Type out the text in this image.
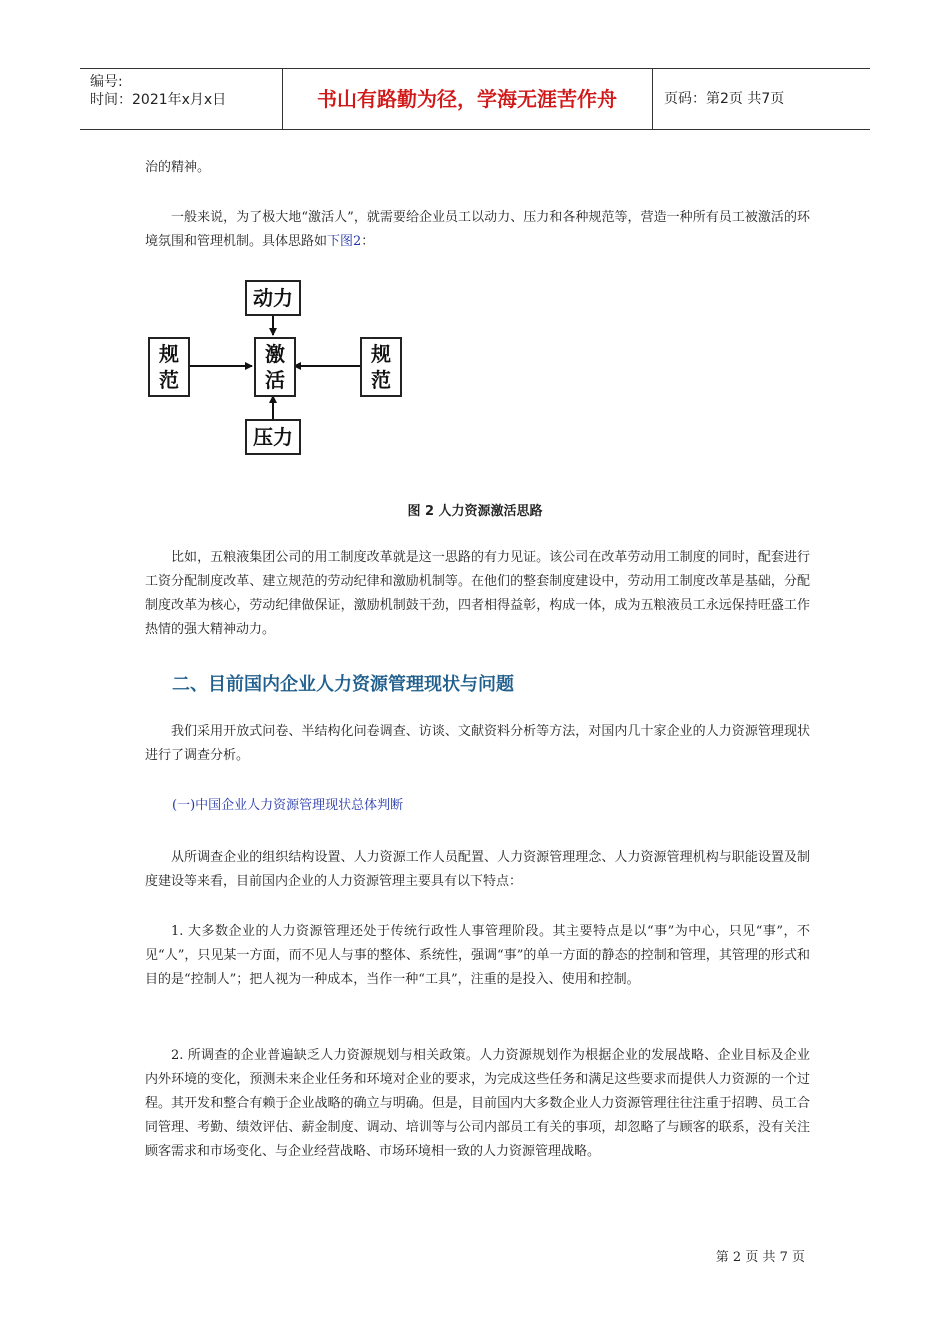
编号:
时间：2021年x月x日	书山有路勤为径，学海无涯苦作舟	页码：第2页 共7页
治的精神。
一般来说，为了极大地“激活人”，就需要给企业员工以动力、压力和各种规范等，营造一种所有员工被激活的环境氛围和管理机制。具体思路如下图2：
动力
激
活
规
范
规
范
压力
图 2 人力资源激活思路
比如，五粮液集团公司的用工制度改革就是这一思路的有力见证。该公司在改革劳动用工制度的同时，配套进行工资分配制度改革、建立规范的劳动纪律和激励机制等。在他们的整套制度建设中，劳动用工制度改革是基础，分配制度改革为核心，劳动纪律做保证，激励机制鼓干劲，四者相得益彰，构成一体，成为五粮液员工永远保持旺盛工作热情的强大精神动力。
二、目前国内企业人力资源管理现状与问题
我们采用开放式问卷、半结构化问卷调查、访谈、文献资料分析等方法，对国内几十家企业的人力资源管理现状进行了调查分析。
(一)中国企业人力资源管理现状总体判断
从所调查企业的组织结构设置、人力资源工作人员配置、人力资源管理理念、人力资源管理机构与职能设置及制度建设等来看，目前国内企业的人力资源管理主要具有以下特点：
1. 大多数企业的人力资源管理还处于传统行政性人事管理阶段。其主要特点是以“事”为中心，只见“事”，不见“人”，只见某一方面，而不见人与事的整体、系统性，强调“事”的单一方面的静态的控制和管理，其管理的形式和目的是“控制人”；把人视为一种成本，当作一种“工具”，注重的是投入、使用和控制。
2. 所调查的企业普遍缺乏人力资源规划与相关政策。人力资源规划作为根据企业的发展战略、企业目标及企业内外环境的变化，预测未来企业任务和环境对企业的要求，为完成这些任务和满足这些要求而提供人力资源的一个过程。其开发和整合有赖于企业战略的确立与明确。但是，目前国内大多数企业人力资源管理往往注重于招聘、员工合同管理、考勤、绩效评估、薪金制度、调动、培训等与公司内部员工有关的事项，却忽略了与顾客的联系，没有关注顾客需求和市场变化、与企业经营战略、市场环境相一致的人力资源管理战略。
第 2 页 共 7 页
